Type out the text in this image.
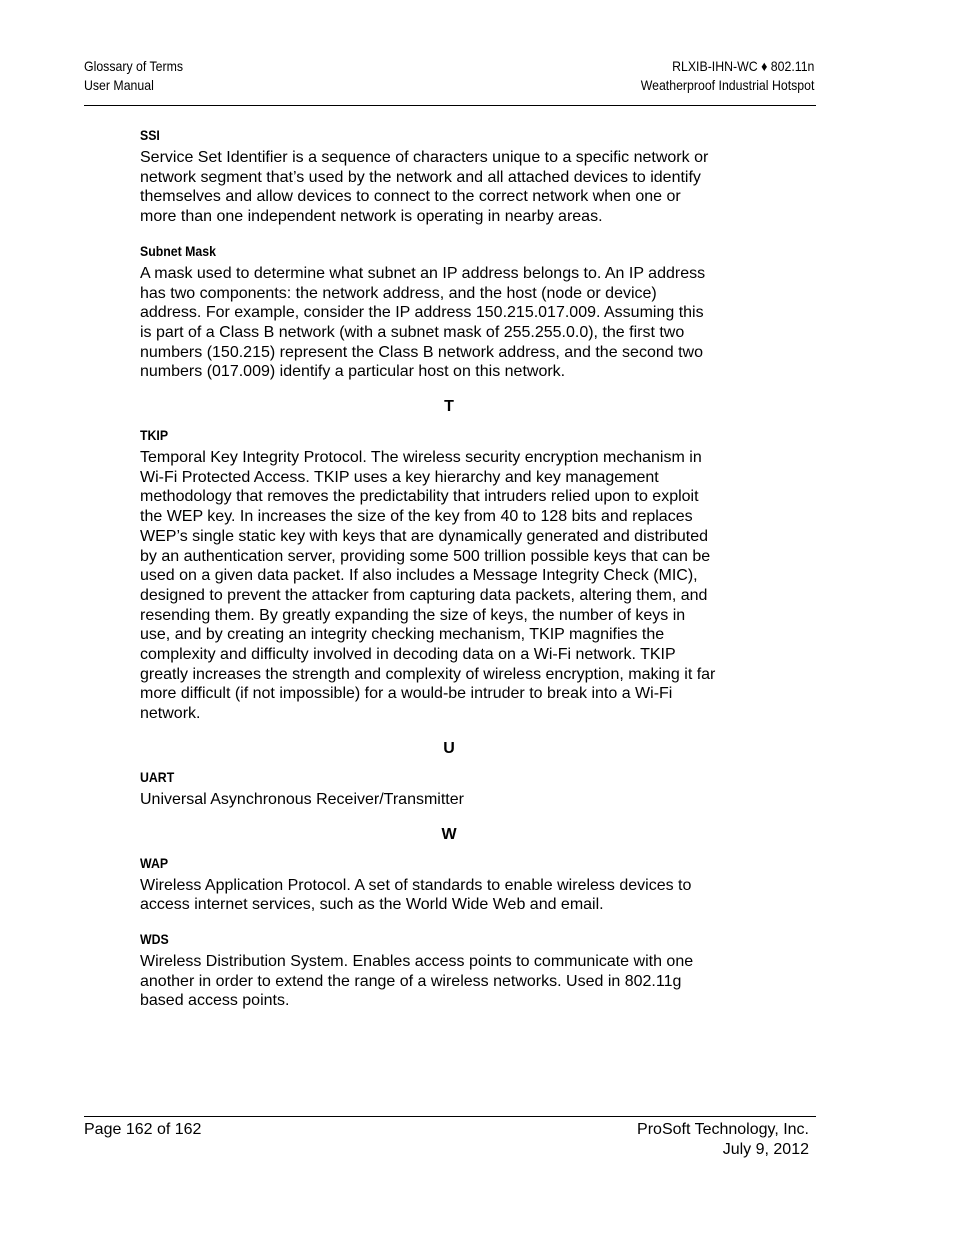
Glossary of Terms
User Manual
RLXIB-IHN-WC ♦ 802.11n
Weatherproof Industrial Hotspot
SSI
Service Set Identifier is a sequence of characters unique to a specific network or
network segment that’s used by the network and all attached devices to identify
themselves and allow devices to connect to the correct network when one or
more than one independent network is operating in nearby areas.
Subnet Mask
A mask used to determine what subnet an IP address belongs to. An IP address
has two components: the network address, and the host (node or device)
address. For example, consider the IP address 150.215.017.009. Assuming this
is part of a Class B network (with a subnet mask of 255.255.0.0), the first two
numbers (150.215) represent the Class B network address, and the second two
numbers (017.009) identify a particular host on this network.
T
TKIP
Temporal Key Integrity Protocol. The wireless security encryption mechanism in
Wi-Fi Protected Access. TKIP uses a key hierarchy and key management
methodology that removes the predictability that intruders relied upon to exploit
the WEP key. In increases the size of the key from 40 to 128 bits and replaces
WEP’s single static key with keys that are dynamically generated and distributed
by an authentication server, providing some 500 trillion possible keys that can be
used on a given data packet. If also includes a Message Integrity Check (MIC),
designed to prevent the attacker from capturing data packets, altering them, and
resending them. By greatly expanding the size of keys, the number of keys in
use, and by creating an integrity checking mechanism, TKIP magnifies the
complexity and difficulty involved in decoding data on a Wi-Fi network. TKIP
greatly increases the strength and complexity of wireless encryption, making it far
more difficult (if not impossible) for a would-be intruder to break into a Wi-Fi
network.
U
UART
Universal Asynchronous Receiver/Transmitter
W
WAP
Wireless Application Protocol. A set of standards to enable wireless devices to
access internet services, such as the World Wide Web and email.
WDS
Wireless Distribution System. Enables access points to communicate with one
another in order to extend the range of a wireless networks. Used in 802.11g
based access points.
Page 162 of 162	ProSoft Technology, Inc.
July 9, 2012
